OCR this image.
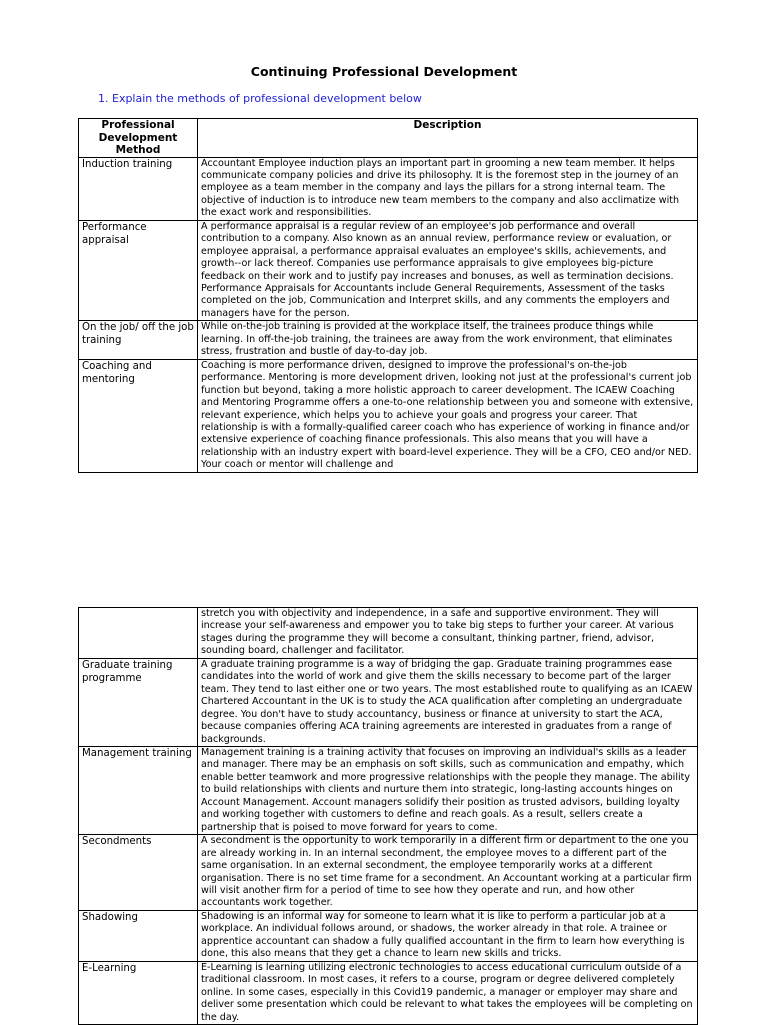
Continuing Professional Development
1. Explain the methods of professional development below
Professional Development Method	Description
Induction training	Accountant Employee induction plays an important part in grooming a new team member. It helps communicate company policies and drive its philosophy. It is the foremost step in the journey of an employee as a team member in the company and lays the pillars for a strong internal team. The objective of induction is to introduce new team members to the company and also acclimatize with the exact work and responsibilities.
Performance appraisal	A performance appraisal is a regular review of an employee's job performance and overall contribution to a company. Also known as an annual review, performance review or evaluation, or employee appraisal, a performance appraisal evaluates an employee's skills, achievements, and growth--or lack thereof. Companies use performance appraisals to give employees big-picture feedback on their work and to justify pay increases and bonuses, as well as termination decisions. Performance Appraisals for Accountants include General Requirements, Assessment of the tasks completed on the job, Communication and Interpret skills, and any comments the employers and managers have for the person.
On the job/ off the job training	While on-the-job training is provided at the workplace itself, the trainees produce things while learning. In off-the-job training, the trainees are away from the work environment, that eliminates stress, frustration and bustle of day-to-day job.
Coaching and mentoring	Coaching is more performance driven, designed to improve the professional's on-the-job performance. Mentoring is more development driven, looking not just at the professional's current job function but beyond, taking a more holistic approach to career development. The ICAEW Coaching and Mentoring Programme offers a one-to-one relationship between you and someone with extensive, relevant experience, which helps you to achieve your goals and progress your career. That relationship is with a formally-qualified career coach who has experience of working in finance and/or extensive experience of coaching finance professionals. This also means that you will have a relationship with an industry expert with board-level experience. They will be a CFO, CEO and/or NED. Your coach or mentor will challenge and
	stretch you with objectivity and independence, in a safe and supportive environment. They will increase your self-awareness and empower you to take big steps to further your career. At various stages during the programme they will become a consultant, thinking partner, friend, advisor, sounding board, challenger and facilitator.
Graduate training programme	A graduate training programme is a way of bridging the gap. Graduate training programmes ease candidates into the world of work and give them the skills necessary to become part of the larger team. They tend to last either one or two years. The most established route to qualifying as an ICAEW Chartered Accountant in the UK is to study the ACA qualification after completing an undergraduate degree. You don't have to study accountancy, business or finance at university to start the ACA, because companies offering ACA training agreements are interested in graduates from a range of backgrounds.
Management training	Management training is a training activity that focuses on improving an individual's skills as a leader and manager. There may be an emphasis on soft skills, such as communication and empathy, which enable better teamwork and more progressive relationships with the people they manage. The ability to build relationships with clients and nurture them into strategic, long-lasting accounts hinges on Account Management. Account managers solidify their position as trusted advisors, building loyalty and working together with customers to define and reach goals. As a result, sellers create a partnership that is poised to move forward for years to come.
Secondments	A secondment is the opportunity to work temporarily in a different firm or department to the one you are already working in. In an internal secondment, the employee moves to a different part of the same organisation. In an external secondment, the employee temporarily works at a different organisation. There is no set time frame for a secondment. An Accountant working at a particular firm will visit another firm for a period of time to see how they operate and run, and how other accountants work together.
Shadowing	Shadowing is an informal way for someone to learn what it is like to perform a particular job at a workplace. An individual follows around, or shadows, the worker already in that role. A trainee or apprentice accountant can shadow a fully qualified accountant in the firm to learn how everything is done, this also means that they get a chance to learn new skills and tricks.
E-Learning	E-Learning is learning utilizing electronic technologies to access educational curriculum outside of a traditional classroom. In most cases, it refers to a course, program or degree delivered completely online. In some cases, especially in this Covid19 pandemic, a manager or employer may share and deliver some presentation which could be relevant to what takes the employees will be completing on the day.
